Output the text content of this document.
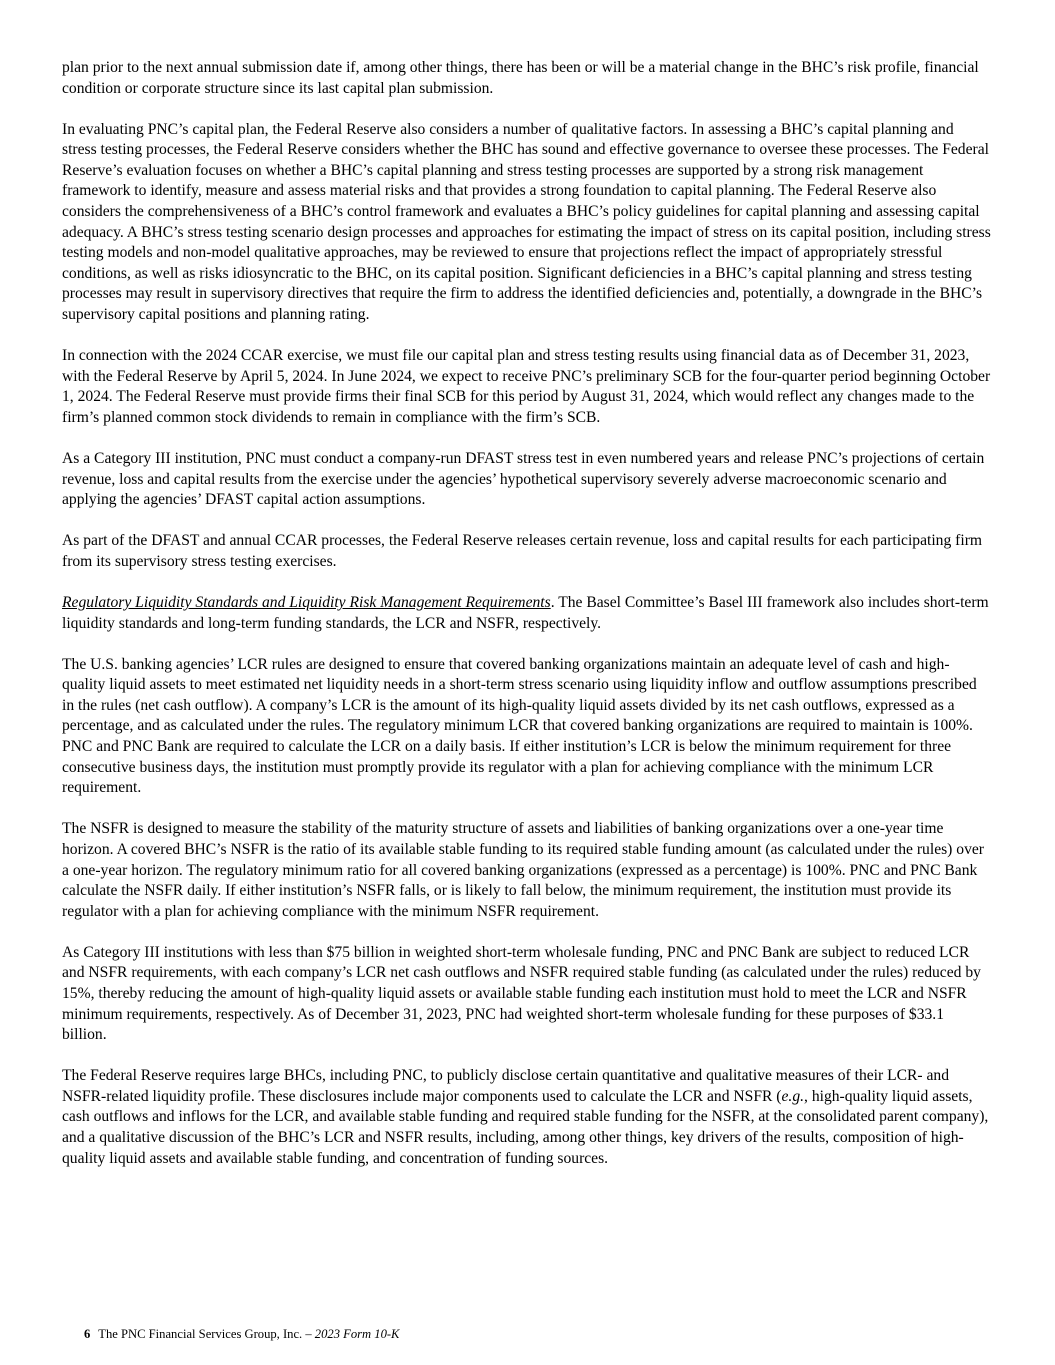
plan prior to the next annual submission date if, among other things, there has been or will be a material change in the BHC’s risk profile, financial condition or corporate structure since its last capital plan submission.

In evaluating PNC’s capital plan, the Federal Reserve also considers a number of qualitative factors. In assessing a BHC’s capital planning and stress testing processes, the Federal Reserve considers whether the BHC has sound and effective governance to oversee these processes. The Federal Reserve’s evaluation focuses on whether a BHC’s capital planning and stress testing processes are supported by a strong risk management framework to identify, measure and assess material risks and that provides a strong foundation to capital planning. The Federal Reserve also considers the comprehensiveness of a BHC’s control framework and evaluates a BHC’s policy guidelines for capital planning and assessing capital adequacy. A BHC’s stress testing scenario design processes and approaches for estimating the impact of stress on its capital position, including stress testing models and non-model qualitative approaches, may be reviewed to ensure that projections reflect the impact of appropriately stressful conditions, as well as risks idiosyncratic to the BHC, on its capital position. Significant deficiencies in a BHC’s capital planning and stress testing processes may result in supervisory directives that require the firm to address the identified deficiencies and, potentially, a downgrade in the BHC’s supervisory capital positions and planning rating.

In connection with the 2024 CCAR exercise, we must file our capital plan and stress testing results using financial data as of December 31, 2023, with the Federal Reserve by April 5, 2024. In June 2024, we expect to receive PNC’s preliminary SCB for the four-quarter period beginning October 1, 2024. The Federal Reserve must provide firms their final SCB for this period by August 31, 2024, which would reflect any changes made to the firm’s planned common stock dividends to remain in compliance with the firm’s SCB.

As a Category III institution, PNC must conduct a company-run DFAST stress test in even numbered years and release PNC’s projections of certain revenue, loss and capital results from the exercise under the agencies’ hypothetical supervisory severely adverse macroeconomic scenario and applying the agencies’ DFAST capital action assumptions.

As part of the DFAST and annual CCAR processes, the Federal Reserve releases certain revenue, loss and capital results for each participating firm from its supervisory stress testing exercises.

Regulatory Liquidity Standards and Liquidity Risk Management Requirements. The Basel Committee’s Basel III framework also includes short-term liquidity standards and long-term funding standards, the LCR and NSFR, respectively.

The U.S. banking agencies’ LCR rules are designed to ensure that covered banking organizations maintain an adequate level of cash and high-quality liquid assets to meet estimated net liquidity needs in a short-term stress scenario using liquidity inflow and outflow assumptions prescribed in the rules (net cash outflow). A company’s LCR is the amount of its high-quality liquid assets divided by its net cash outflows, expressed as a percentage, and as calculated under the rules. The regulatory minimum LCR that covered banking organizations are required to maintain is 100%. PNC and PNC Bank are required to calculate the LCR on a daily basis. If either institution’s LCR is below the minimum requirement for three consecutive business days, the institution must promptly provide its regulator with a plan for achieving compliance with the minimum LCR requirement.

The NSFR is designed to measure the stability of the maturity structure of assets and liabilities of banking organizations over a one-year time horizon. A covered BHC’s NSFR is the ratio of its available stable funding to its required stable funding amount (as calculated under the rules) over a one-year horizon. The regulatory minimum ratio for all covered banking organizations (expressed as a percentage) is 100%. PNC and PNC Bank calculate the NSFR daily. If either institution’s NSFR falls, or is likely to fall below, the minimum requirement, the institution must provide its regulator with a plan for achieving compliance with the minimum NSFR requirement.

As Category III institutions with less than $75 billion in weighted short-term wholesale funding, PNC and PNC Bank are subject to reduced LCR and NSFR requirements, with each company’s LCR net cash outflows and NSFR required stable funding (as calculated under the rules) reduced by 15%, thereby reducing the amount of high-quality liquid assets or available stable funding each institution must hold to meet the LCR and NSFR minimum requirements, respectively. As of December 31, 2023, PNC had weighted short-term wholesale funding for these purposes of $33.1 billion.

The Federal Reserve requires large BHCs, including PNC, to publicly disclose certain quantitative and qualitative measures of their LCR- and NSFR-related liquidity profile. These disclosures include major components used to calculate the LCR and NSFR (e.g., high-quality liquid assets, cash outflows and inflows for the LCR, and available stable funding and required stable funding for the NSFR, at the consolidated parent company), and a qualitative discussion of the BHC’s LCR and NSFR results, including, among other things, key drivers of the results, composition of high-quality liquid assets and available stable funding, and concentration of funding sources.

6 The PNC Financial Services Group, Inc. – 2023 Form 10-K
